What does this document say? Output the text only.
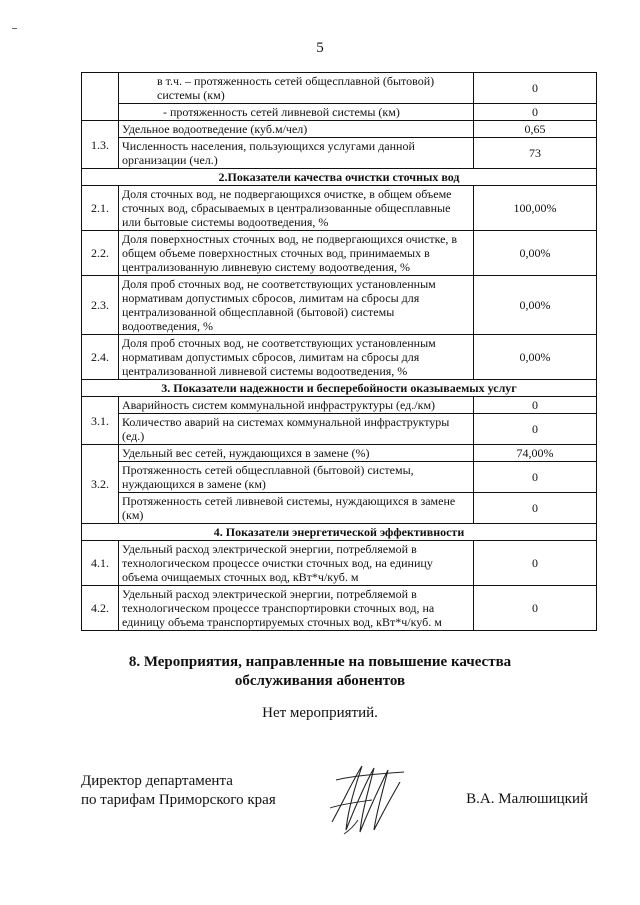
5
	в т.ч. – протяженность сетей общесплавной (бытовой) системы (км)	0
	- протяженность сетей ливневой системы (км)	0
1.3.	Удельное водоотведение (куб.м/чел)	0,65
	Численность населения, пользующихся услугами данной организации (чел.)	73
2.Показатели качества очистки сточных вод		
2.1.	Доля сточных вод, не подвергающихся очистке, в общем объеме сточных вод, сбрасываемых в централизованные общесплавные или бытовые системы водоотведения, %	100,00%
2.2.	Доля поверхностных сточных вод, не подвергающихся очистке, в общем объеме поверхностных сточных вод, принимаемых в централизованную ливневую систему водоотведения, %	0,00%
2.3.	Доля проб сточных вод, не соответствующих установленным нормативам допустимых сбросов, лимитам на сбросы для централизованной общесплавной (бытовой) системы водоотведения, %	0,00%
2.4.	Доля проб сточных вод, не соответствующих установленным нормативам допустимых сбросов, лимитам на сбросы для централизованной ливневой системы водоотведения, %	0,00%
3. Показатели надежности и бесперебойности оказываемых услуг		
3.1.	Аварийность систем коммунальной инфраструктуры (ед./км)	0
	Количество аварий на системах коммунальной инфраструктуры (ед.)	0
3.2.	Удельный вес сетей, нуждающихся в замене (%)	74,00%
	Протяженность сетей общесплавной (бытовой) системы, нуждающихся в замене (км)	0
	Протяженность сетей ливневой системы, нуждающихся в замене (км)	0
4. Показатели энергетической эффективности		
4.1.	Удельный расход электрической энергии, потребляемой в технологическом процессе очистки сточных вод, на единицу объема очищаемых сточных вод, кВт*ч/куб. м	0
4.2.	Удельный расход электрической энергии, потребляемой в технологическом процессе транспортировки сточных вод, на единицу объема транспортируемых сточных вод, кВт*ч/куб. м	0
8. Мероприятия, направленные на повышение качества
обслуживания абонентов
Нет мероприятий.
Директор департамента
по тарифам Приморского края	В.А. Малюшицкий
